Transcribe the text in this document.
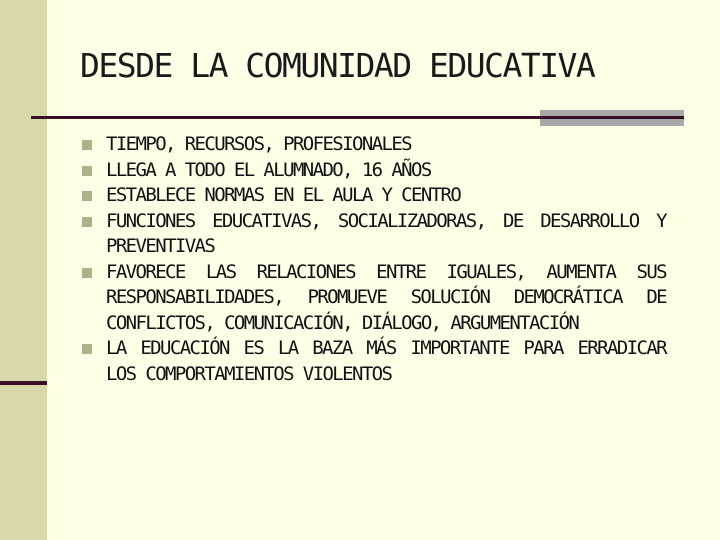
DESDE LA COMUNIDAD EDUCATIVA
TIEMPO, RECURSOS, PROFESIONALES
LLEGA A TODO EL ALUMNADO, 16 AÑOS
ESTABLECE NORMAS EN EL AULA Y CENTRO
FUNCIONES EDUCATIVAS, SOCIALIZADORAS, DE DESARROLLO Y PREVENTIVAS
FAVORECE LAS RELACIONES ENTRE IGUALES, AUMENTA SUS RESPONSABILIDADES, PROMUEVE SOLUCIÓN DEMOCRÁTICA DE CONFLICTOS, COMUNICACIÓN, DIÁLOGO, ARGUMENTACIÓN
LA EDUCACIÓN ES LA BAZA MÁS IMPORTANTE PARA ERRADICAR LOS COMPORTAMIENTOS VIOLENTOS
